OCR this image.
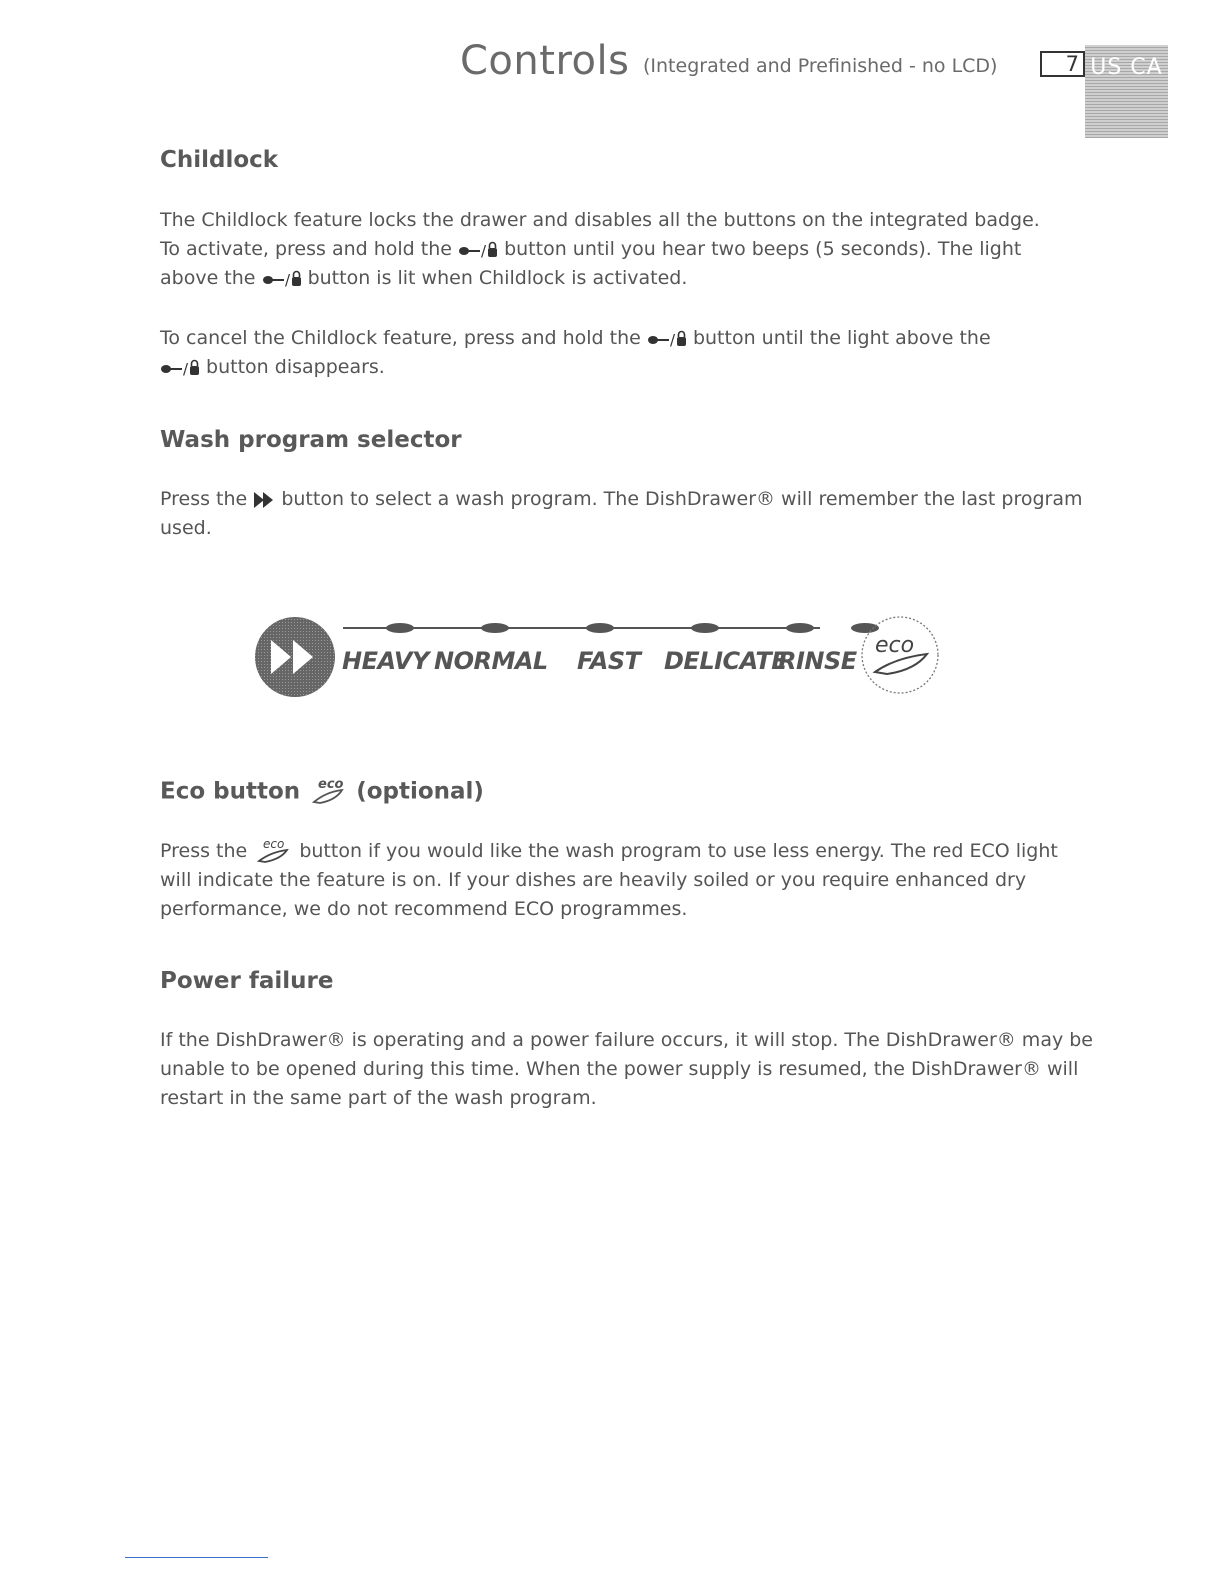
Controls (Integrated and Prefinished - no LCD)	7 US CA
Childlock
The Childlock feature locks the drawer and disables all the buttons on the integrated badge.
To activate, press and hold the / button until you hear two beeps (5 seconds). The light
above the / button is lit when Childlock is activated.
To cancel the Childlock feature, press and hold the / button until the light above the
/ button disappears.
Wash program selector
Press the button to select a wash program. The DishDrawer® will remember the last program
used.
eco
HEAVY NORMAL FAST DELICATE
RINSE
Eco button eco (optional)
Press the eco button if you would like the wash program to use less energy. The red ECO light
will indicate the feature is on. If your dishes are heavily soiled or you require enhanced dry
performance, we do not recommend ECO programmes.
Power failure
If the DishDrawer® is operating and a power failure occurs, it will stop. The DishDrawer® may be
unable to be opened during this time. When the power supply is resumed, the DishDrawer® will
restart in the same part of the wash program.
